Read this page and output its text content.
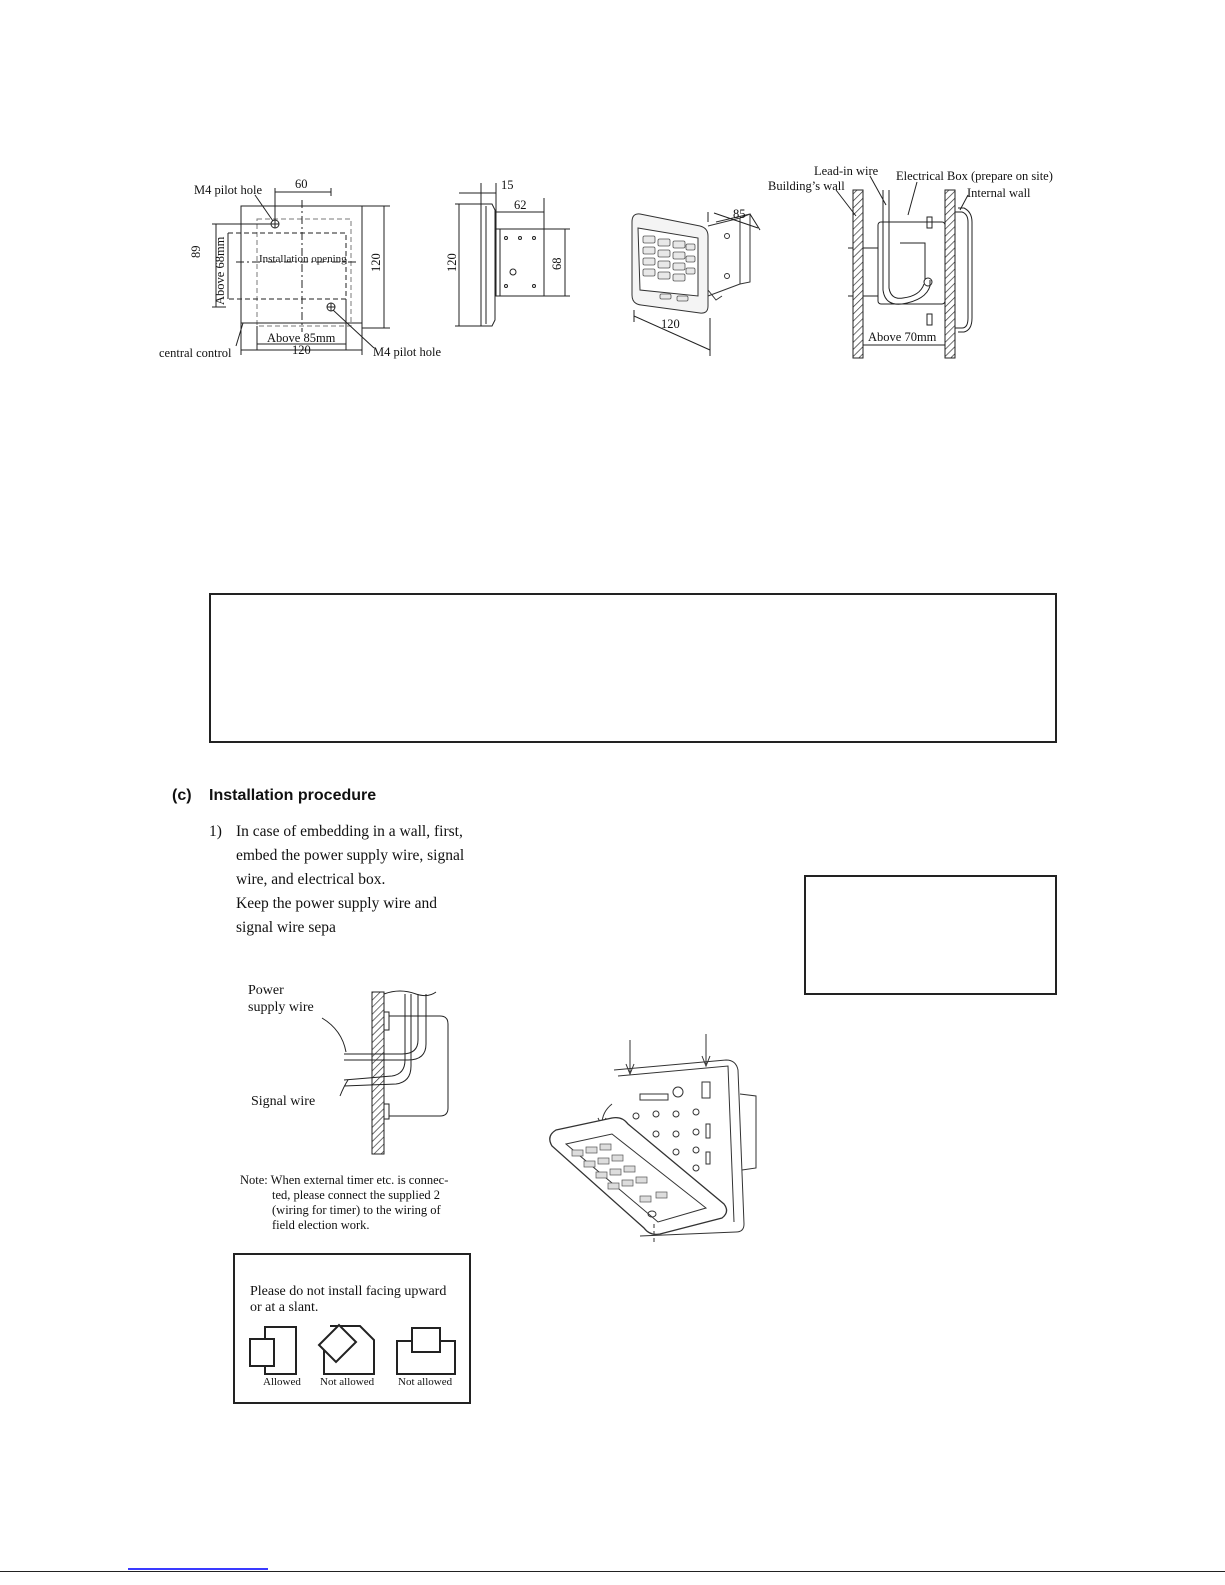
M4 pilot hole	60
89 Above 68mm	Installation opening 120
Above 85mm
120
central control	M4 pilot hole
15
62
120	68
85
120
Lead-in wire Electrical Box (prepare on site)
Building’s wall	Internal wall
Above 70mm
(c) Installation procedure
1) In case of embedding in a wall, first,
embed the power supply wire, signal
wire, and electrical box.
Keep the power supply wire and
signal wire sepa
Power
supply wire
Signal wire
Note: When external timer etc. is connec-
ted, please connect the supplied 2
(wiring for timer) to the wiring of
field election work.
Please do not install facing upward
or at a slant.
Allowed Not allowed Not allowed
